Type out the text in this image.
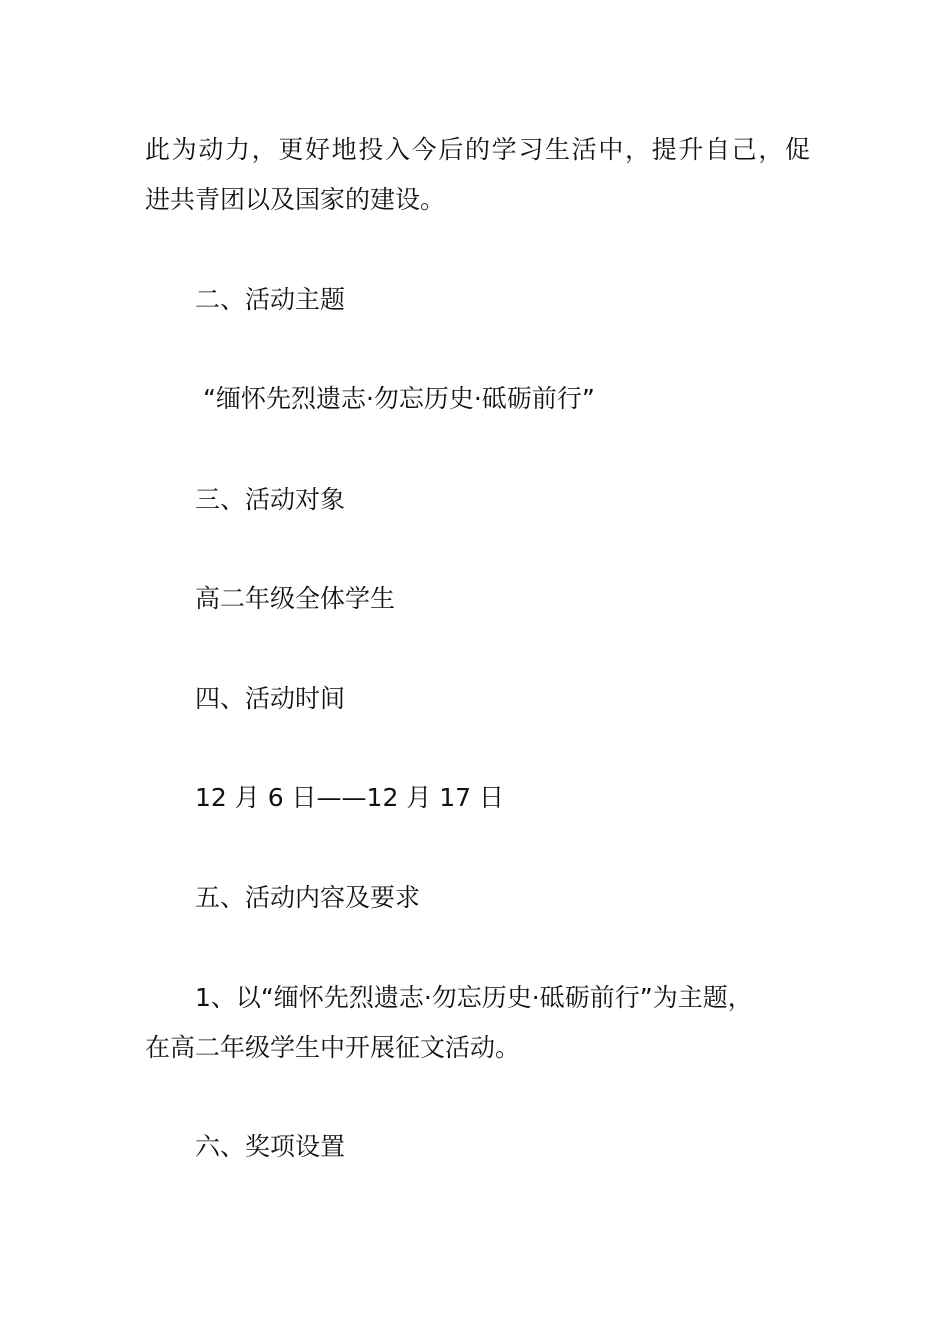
此为动力，更好地投入今后的学习生活中，提升自己，促
进共青团以及国家的建设。
二、活动主题
“缅怀先烈遗志·勿忘历史·砥砺前行”
三、活动对象
高二年级全体学生
四、活动时间
12 月 6 日——12 月 17 日
五、活动内容及要求
1、以“缅怀先烈遗志·勿忘历史·砥砺前行”为主题，
在高二年级学生中开展征文活动。
六、奖项设置
